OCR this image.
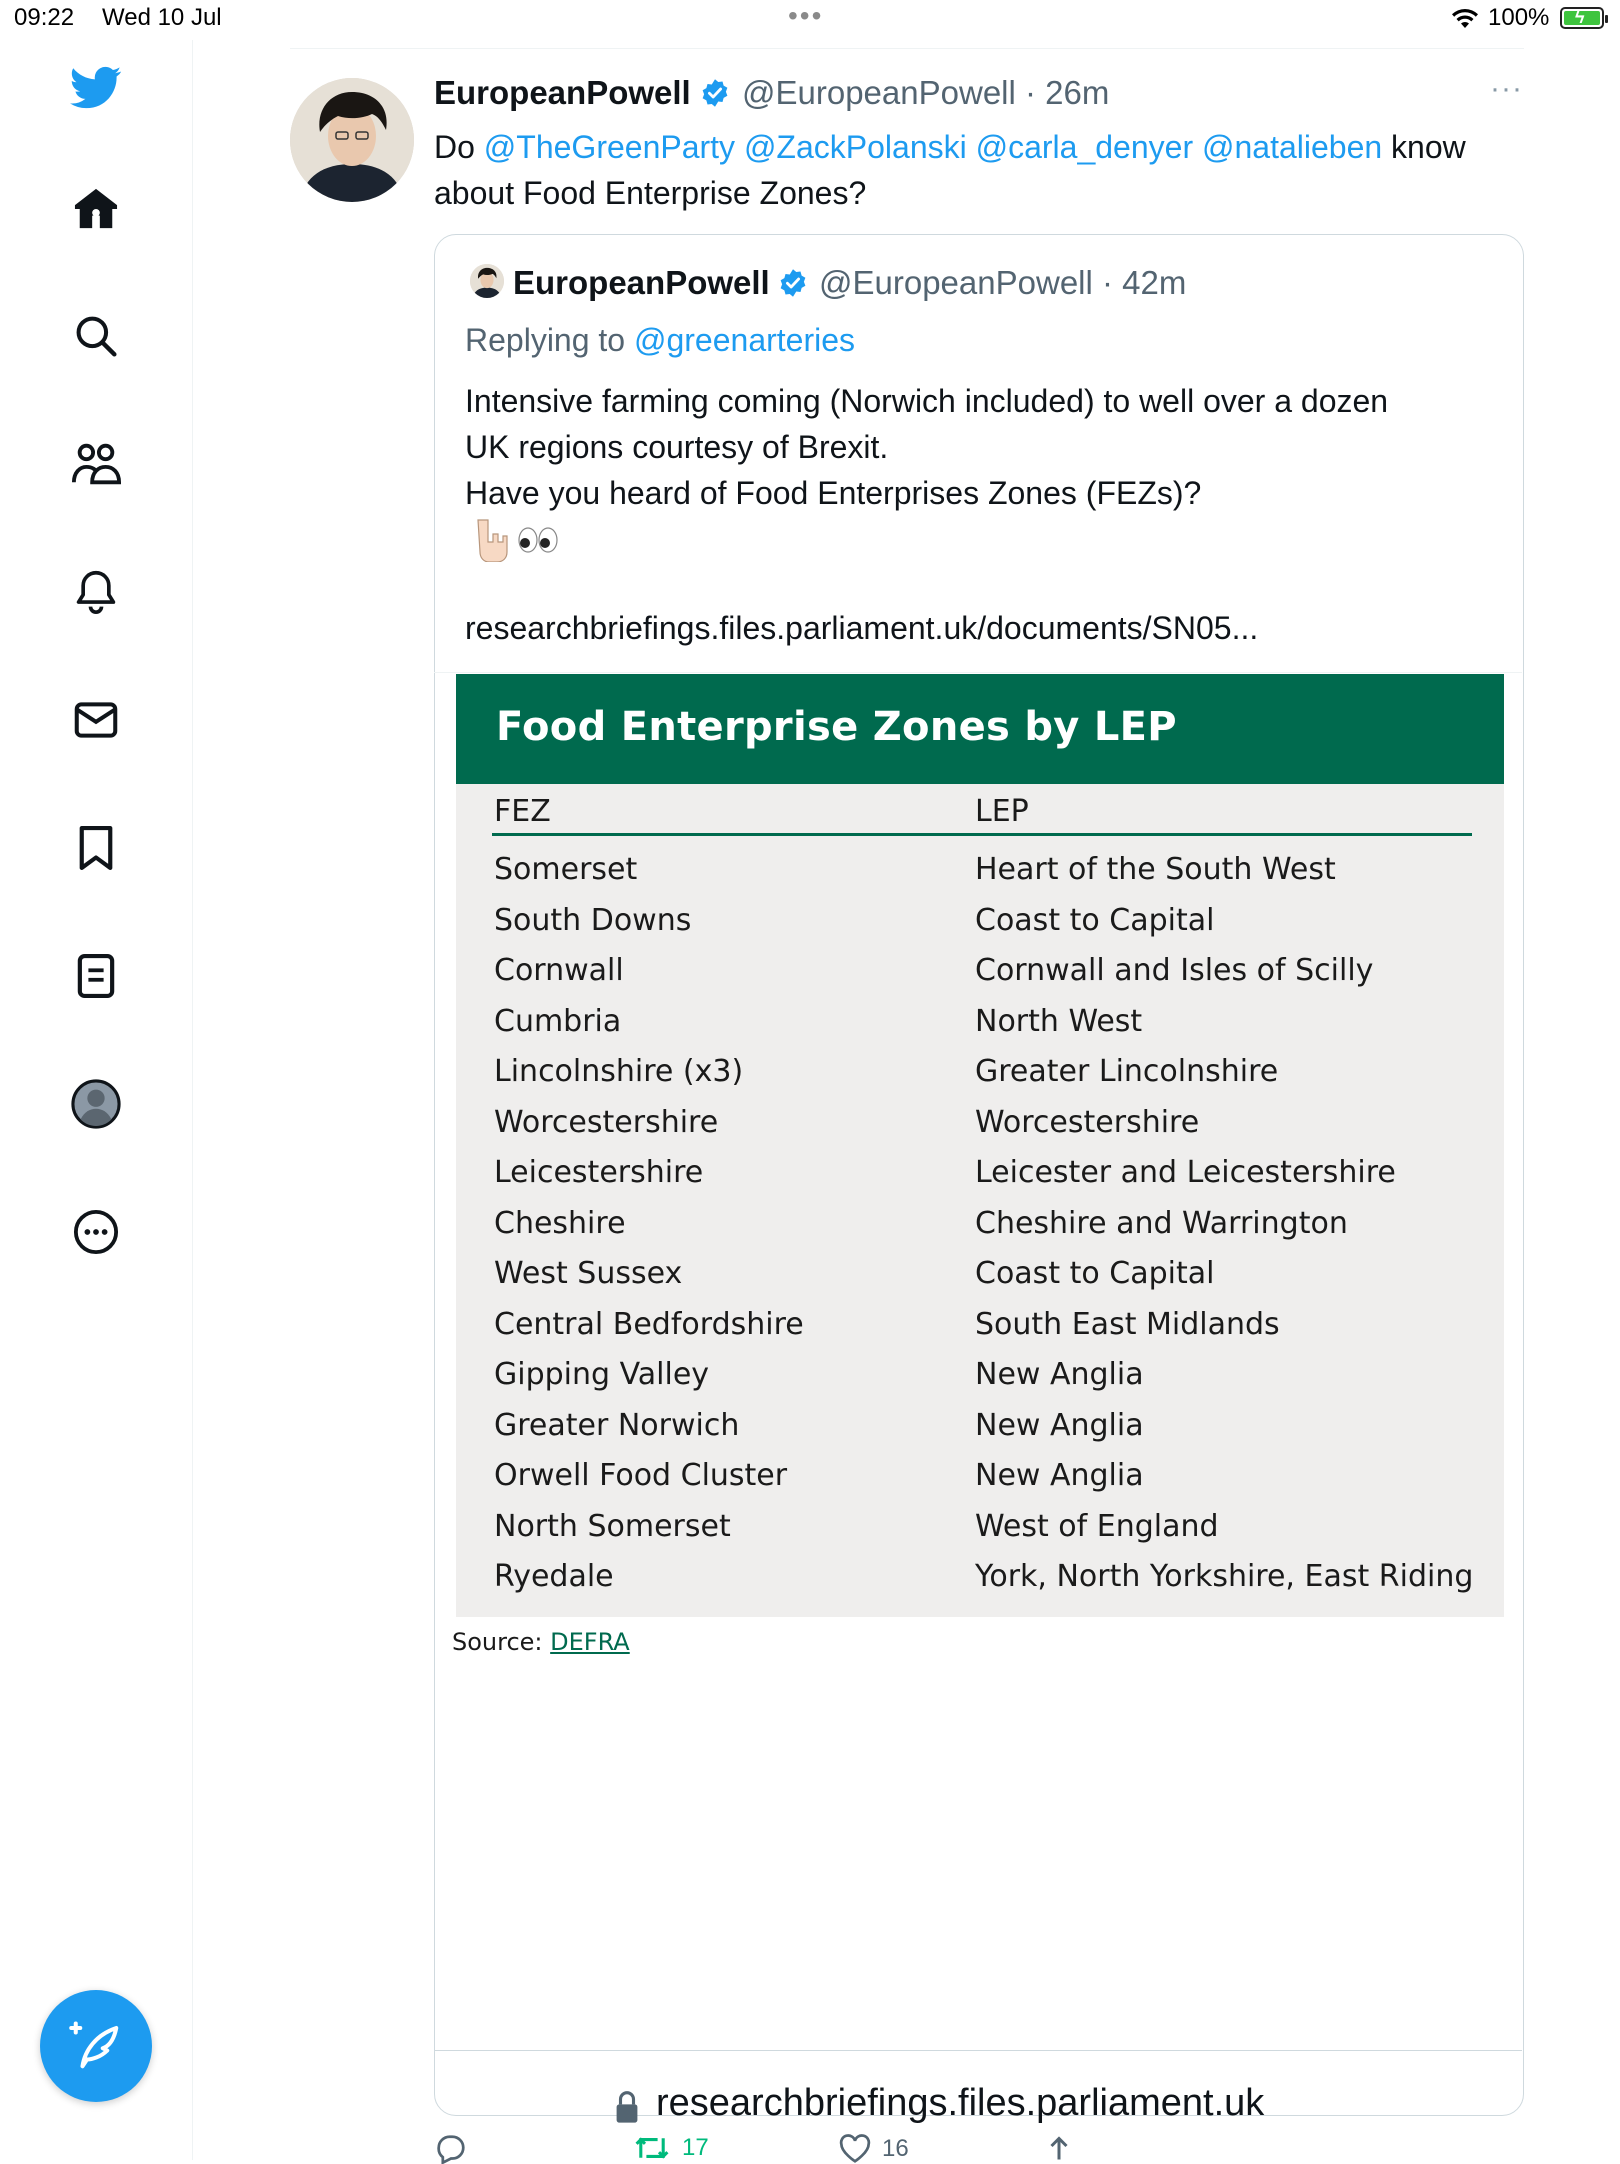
09:22 Wed 10 Jul	•••	100% ϟ
EuropeanPowell @EuropeanPowell · 26m	···
Do @TheGreenParty @ZackPolanski @carla_denyer @natalieben know about Food Enterprise Zones?
EuropeanPowell @EuropeanPowell · 42m
Replying to @greenarteries
Intensive farming coming (Norwich included) to well over a dozen
UK regions courtesy of Brexit.
Have you heard of Food Enterprises Zones (FEZs)?
researchbriefings.files.parliament.uk/documents/SN05...
Food Enterprise Zones by LEP
FEZ	LEP
Somerset	Heart of the South West
South Downs	Coast to Capital
Cornwall	Cornwall and Isles of Scilly
Cumbria	North West
Lincolnshire (x3)	Greater Lincolnshire
Worcestershire	Worcestershire
Leicestershire	Leicester and Leicestershire
Cheshire	Cheshire and Warrington
West Sussex	Coast to Capital
Central Bedfordshire	South East Midlands
Gipping Valley	New Anglia
Greater Norwich	New Anglia
Orwell Food Cluster	New Anglia
North Somerset	West of England
Ryedale	York, North Yorkshire, East Riding
Source: DEFRA
researchbriefings.files.parliament.uk
17	16
